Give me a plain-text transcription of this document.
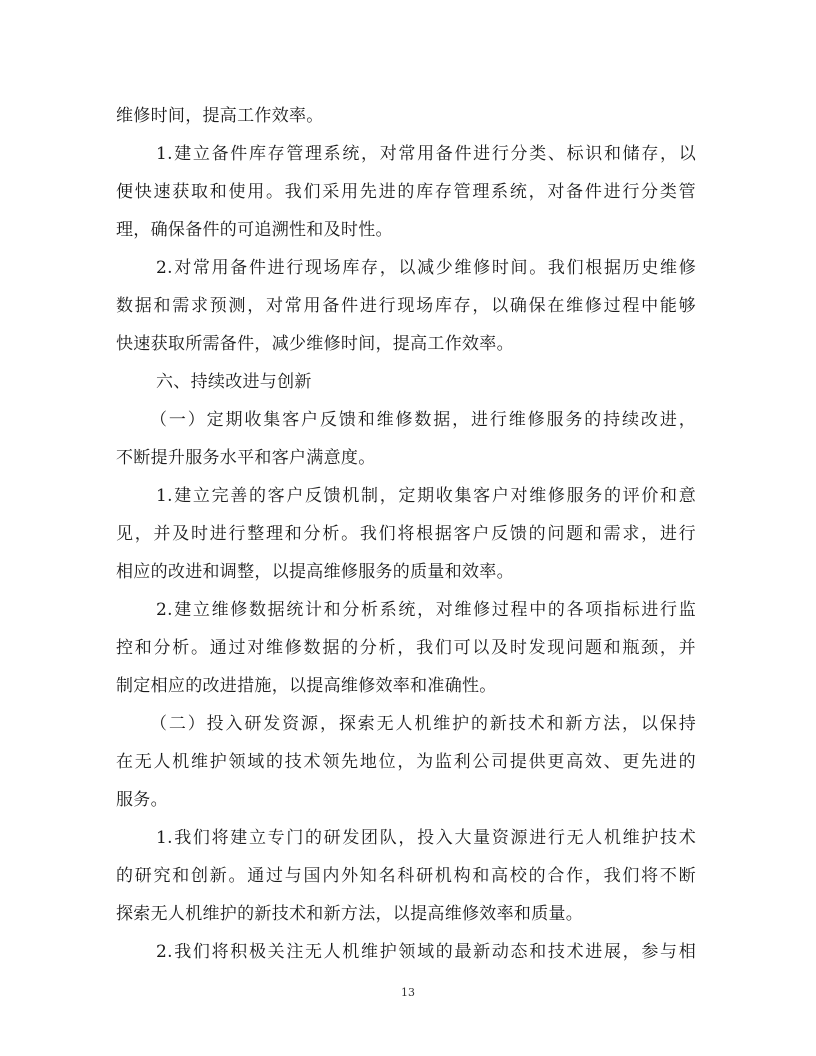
维修时间，提高工作效率。
1.建立备件库存管理系统，对常用备件进行分类、标识和储存，以
便快速获取和使用。我们采用先进的库存管理系统，对备件进行分类管
理，确保备件的可追溯性和及时性。
2.对常用备件进行现场库存，以减少维修时间。我们根据历史维修
数据和需求预测，对常用备件进行现场库存，以确保在维修过程中能够
快速获取所需备件，减少维修时间，提高工作效率。
六、持续改进与创新
（一）定期收集客户反馈和维修数据，进行维修服务的持续改进，
不断提升服务水平和客户满意度。
1.建立完善的客户反馈机制，定期收集客户对维修服务的评价和意
见，并及时进行整理和分析。我们将根据客户反馈的问题和需求，进行
相应的改进和调整，以提高维修服务的质量和效率。
2.建立维修数据统计和分析系统，对维修过程中的各项指标进行监
控和分析。通过对维修数据的分析，我们可以及时发现问题和瓶颈，并
制定相应的改进措施，以提高维修效率和准确性。
（二）投入研发资源，探索无人机维护的新技术和新方法，以保持
在无人机维护领域的技术领先地位，为监利公司提供更高效、更先进的
服务。
1.我们将建立专门的研发团队，投入大量资源进行无人机维护技术
的研究和创新。通过与国内外知名科研机构和高校的合作，我们将不断
探索无人机维护的新技术和新方法，以提高维修效率和质量。
2.我们将积极关注无人机维护领域的最新动态和技术进展，参与相
13
